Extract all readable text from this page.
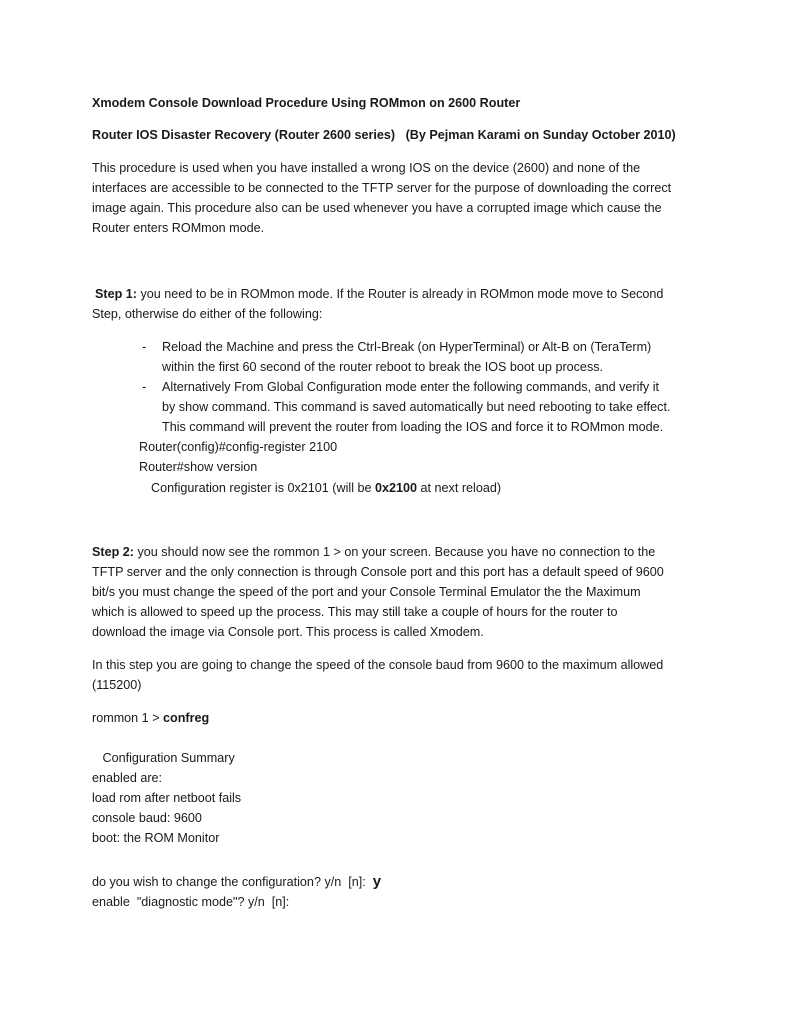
Xmodem Console Download Procedure Using ROMmon on 2600 Router
Router IOS Disaster Recovery (Router 2600 series)   (By Pejman Karami on Sunday October 2010)
This procedure is used when you have installed a wrong IOS on the device (2600) and none of the
interfaces are accessible to be connected to the TFTP server for the purpose of downloading the correct
image again. This procedure also can be used whenever you have a corrupted image which cause the
Router enters ROMmon mode.
Step 1: you need to be in ROMmon mode. If the Router is already in ROMmon mode move to Second
Step, otherwise do either of the following:
- Reload the Machine and press the Ctrl-Break (on HyperTerminal) or Alt-B on (TeraTerm)
within the first 60 second of the router reboot to break the IOS boot up process.
- Alternatively From Global Configuration mode enter the following commands, and verify it
by show command. This command is saved automatically but need rebooting to take effect.
This command will prevent the router from loading the IOS and force it to ROMmon mode.
Router(config)#config-register 2100
Router#show version
Configuration register is 0x2101 (will be 0x2100 at next reload)
Step 2: you should now see the rommon 1 > on your screen. Because you have no connection to the
TFTP server and the only connection is through Console port and this port has a default speed of 9600
bit/s you must change the speed of the port and your Console Terminal Emulator the the Maximum
which is allowed to speed up the process. This may still take a couple of hours for the router to
download the image via Console port. This process is called Xmodem.
In this step you are going to change the speed of the console baud from 9600 to the maximum allowed
(115200)
rommon 1 > confreg
Configuration Summary
enabled are:
load rom after netboot fails
console baud: 9600
boot: the ROM Monitor
do you wish to change the configuration? y/n  [n]:  y
enable  "diagnostic mode"? y/n  [n]:
